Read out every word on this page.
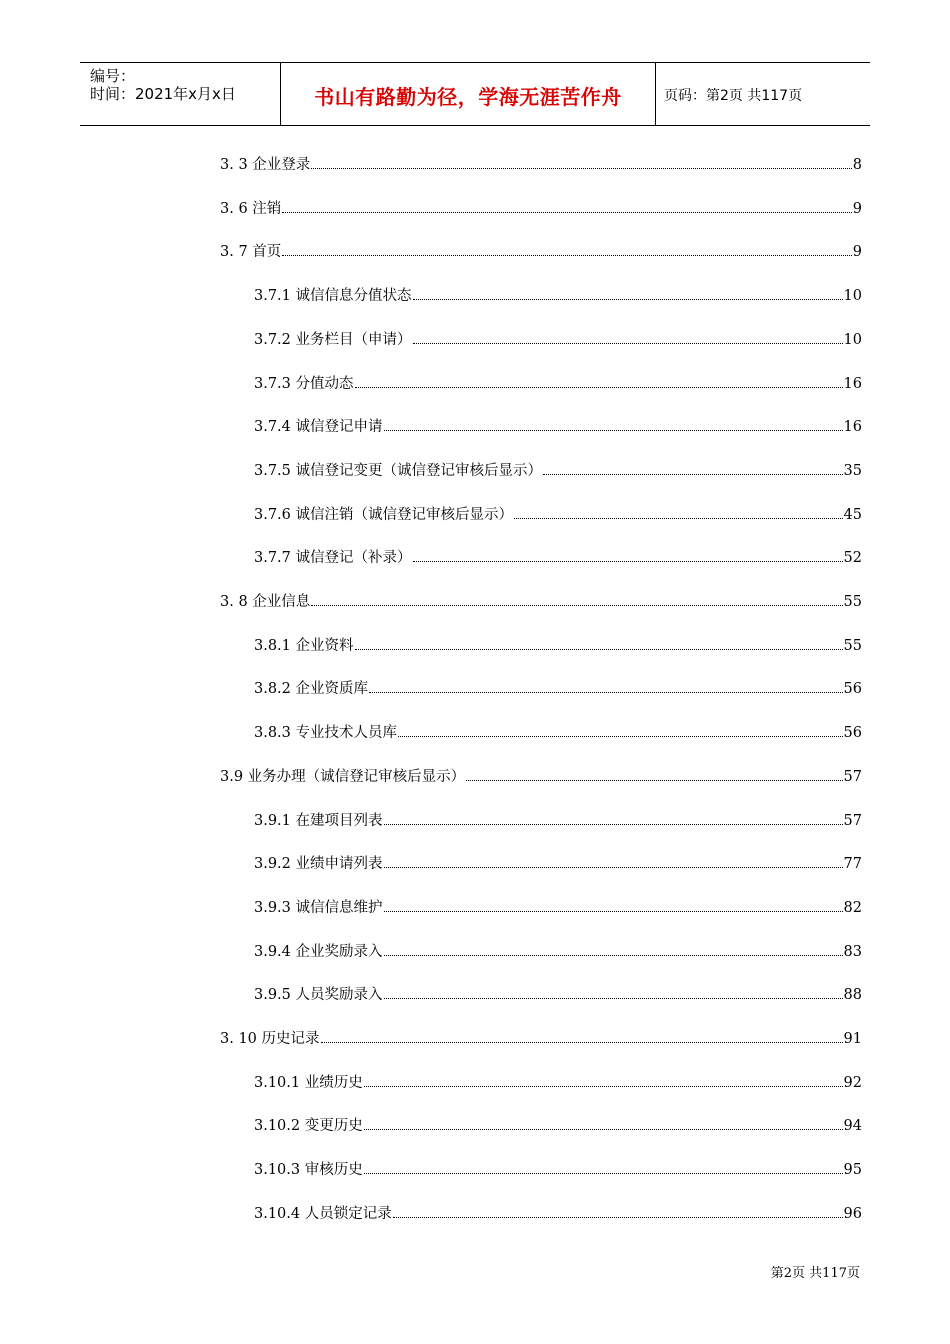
编号：
时间：2021年x月x日	书山有路勤为径，学海无涯苦作舟	页码：第2页 共117页
3. 3 企业登录	8
3. 6 注销	9
3. 7 首页	9
3.7.1 诚信信息分值状态	10
3.7.2 业务栏目（申请）	10
3.7.3 分值动态	16
3.7.4 诚信登记申请	16
3.7.5 诚信登记变更（诚信登记审核后显示）	35
3.7.6 诚信注销（诚信登记审核后显示）	45
3.7.7 诚信登记（补录）	52
3. 8 企业信息	55
3.8.1 企业资料	55
3.8.2 企业资质库	56
3.8.3 专业技术人员库	56
3.9 业务办理（诚信登记审核后显示）	57
3.9.1 在建项目列表	57
3.9.2 业绩申请列表	77
3.9.3 诚信信息维护	82
3.9.4 企业奖励录入	83
3.9.5 人员奖励录入	88
3. 10 历史记录	91
3.10.1 业绩历史	92
3.10.2 变更历史	94
3.10.3 审核历史	95
3.10.4 人员锁定记录	96
第2页 共117页
